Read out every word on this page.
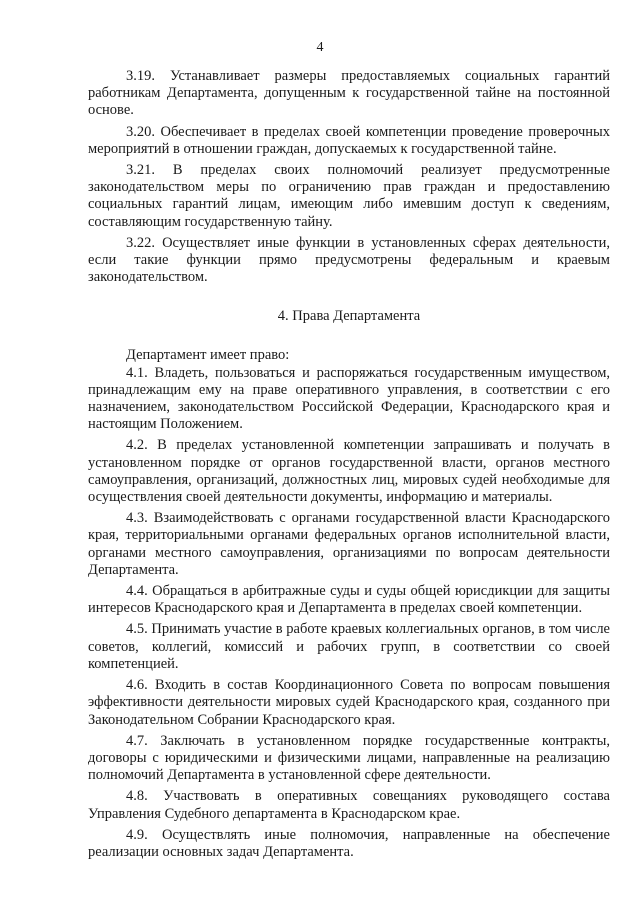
4

3.19. Устанавливает размеры предоставляемых социальных гарантий работникам Департамента, допущенным к государственной тайне на постоянной основе.

3.20. Обеспечивает в пределах своей компетенции проведение проверочных мероприятий в отношении граждан, допускаемых к государственной тайне.

3.21. В пределах своих полномочий реализует предусмотренные законодательством меры по ограничению прав граждан и предоставлению социальных гарантий лицам, имеющим либо имевшим доступ к сведениям, составляющим государственную тайну.

3.22. Осуществляет иные функции в установленных сферах деятельности, если такие функции прямо предусмотрены федеральным и краевым законодательством.

4. Права Департамента

Департамент имеет право:

4.1. Владеть, пользоваться и распоряжаться государственным имуществом, принадлежащим ему на праве оперативного управления, в соответствии с его назначением, законодательством Российской Федерации, Краснодарского края и настоящим Положением.

4.2. В пределах установленной компетенции запрашивать и получать в установленном порядке от органов государственной власти, органов местного самоуправления, организаций, должностных лиц, мировых судей необходимые для осуществления своей деятельности документы, информацию и материалы.

4.3. Взаимодействовать с органами государственной власти Краснодарского края, территориальными органами федеральных органов исполнительной власти, органами местного самоуправления, организациями по вопросам деятельности Департамента.

4.4. Обращаться в арбитражные суды и суды общей юрисдикции для защиты интересов Краснодарского края и Департамента в пределах своей компетенции.

4.5. Принимать участие в работе краевых коллегиальных органов, в том числе советов, коллегий, комиссий и рабочих групп, в соответствии со своей компетенцией.

4.6. Входить в состав Координационного Совета по вопросам повышения эффективности деятельности мировых судей Краснодарского края, созданного при Законодательном Собрании Краснодарского края.

4.7. Заключать в установленном порядке государственные контракты, договоры с юридическими и физическими лицами, направленные на реализацию полномочий Департамента в установленной сфере деятельности.

4.8. Участвовать в оперативных совещаниях руководящего состава Управления Судебного департамента в Краснодарском крае.

4.9. Осуществлять иные полномочия, направленные на обеспечение реализации основных задач Департамента.
